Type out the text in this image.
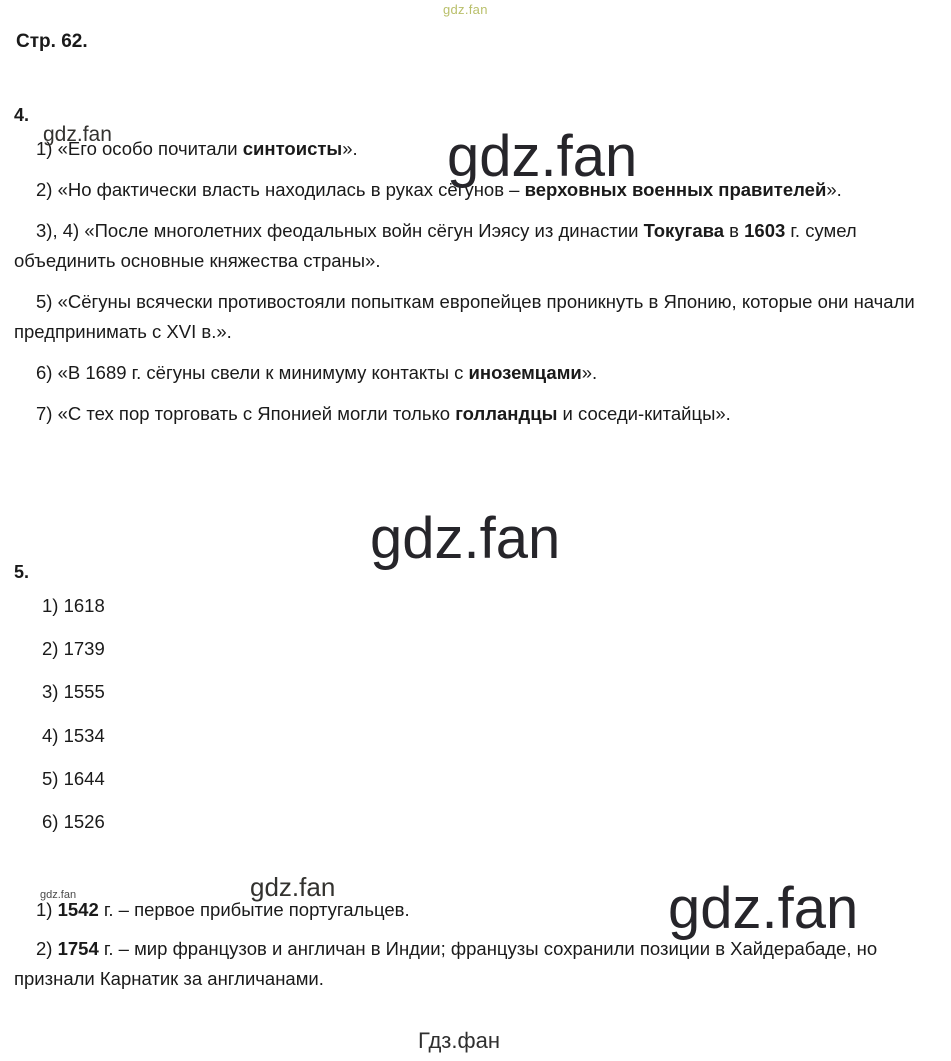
gdz.fan
Стр. 62.
4.

1) «Его особо почитали синтоисты».

2) «Но фактически власть находилась в руках сёгунов – верховных военных правителей».

3), 4) «После многолетних феодальных войн сёгун Иэясу из династии Токугава в 1603 г. сумел объединить основные княжества страны».

5) «Сёгуны всячески противостояли попыткам европейцев проникнуть в Японию, которые они начали предпринимать с XVI в.».

6) «В 1689 г. сёгуны свели к минимуму контакты с иноземцами».

7) «С тех пор торговать с Японией могли только голландцы и соседи-китайцы».

5.

1) 1618

2) 1739

3) 1555

4) 1534

5) 1644

6) 1526

1) 1542 г. – первое прибытие португальцев.

2) 1754 г. – мир французов и англичан в Индии; французы сохранили позиции в Хайдерабаде, но признали Карнатик за англичанами.

gdz.fan	gdz.fan
gdz.fan
gdz.fan
gdz.fan	gdz.fan
Гдз.фан
